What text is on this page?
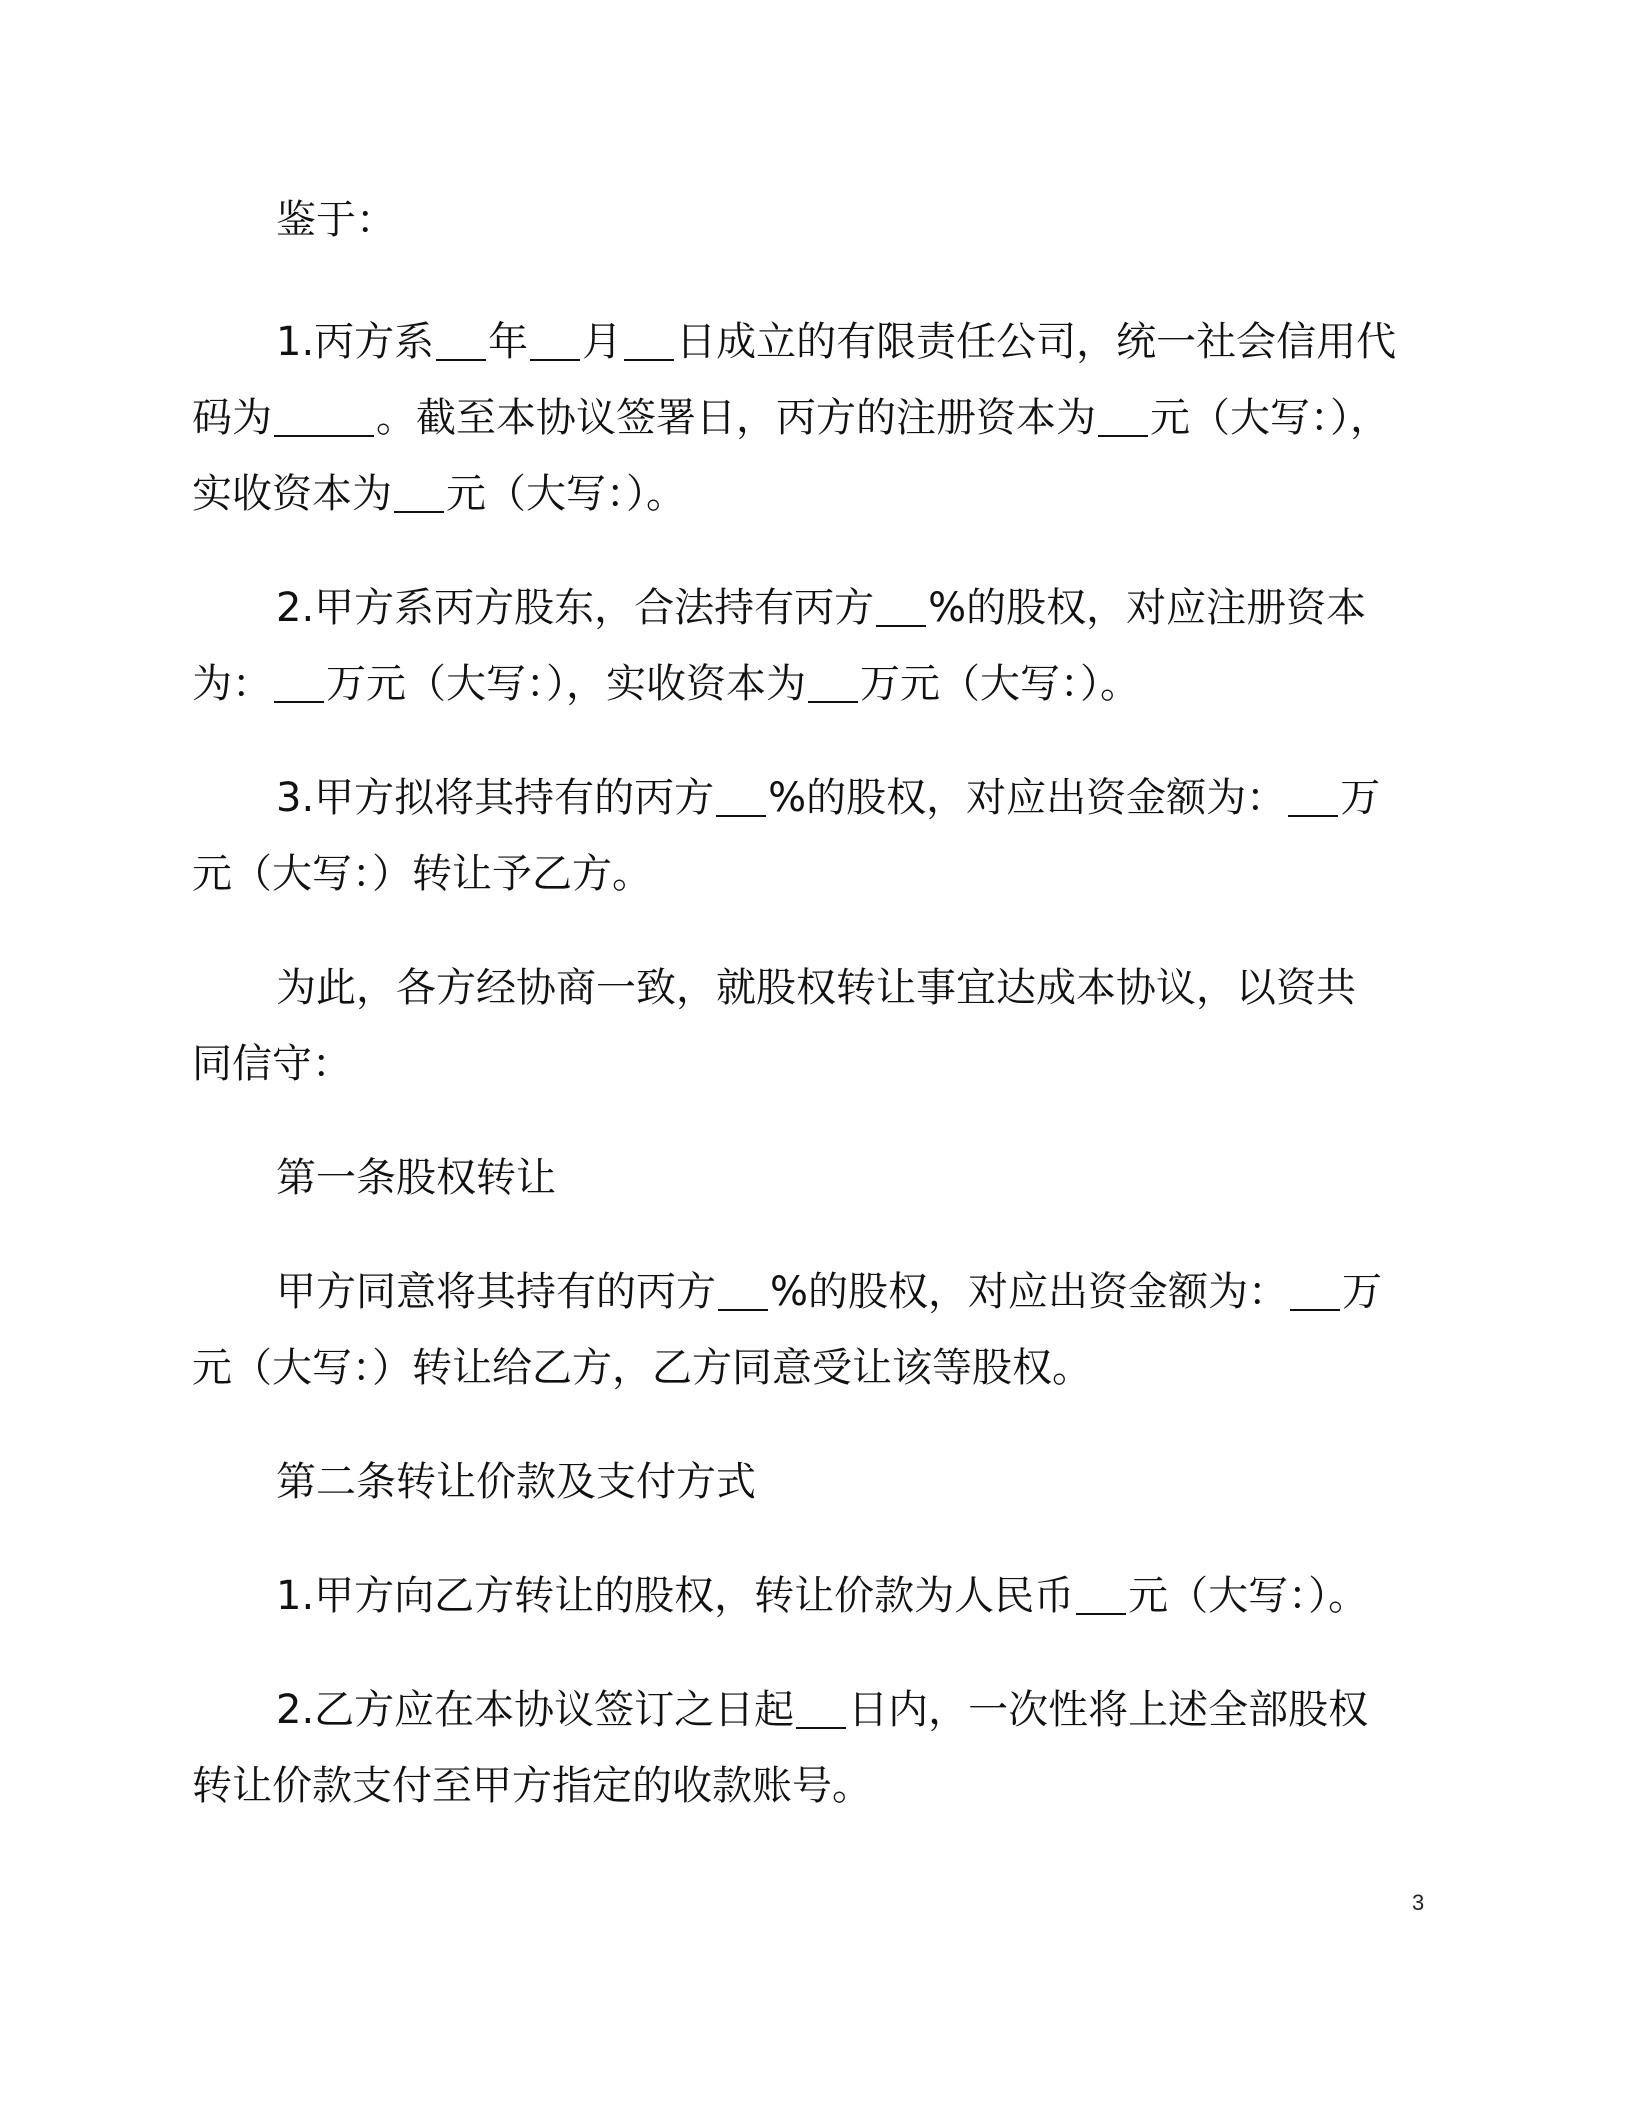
鉴于：

1.丙方系 年 月 日成立的有限责任公司，统一社会信用代

码为	。截至本协议签署日，丙方的注册资本为 元（大写：），

实收资本为 元（大写：）。

2.甲方系丙方股东，合法持有丙方 %的股权，对应注册资本

为： 万元（大写：），实收资本为 万元（大写：）。

3.甲方拟将其持有的丙方 %的股权，对应出资金额为： 万

元（大写：）转让予乙方。

为此，各方经协商一致，就股权转让事宜达成本协议，以资共

同信守：

第一条股权转让

甲方同意将其持有的丙方 %的股权，对应出资金额为： 万

元（大写：）转让给乙方，乙方同意受让该等股权。

第二条转让价款及支付方式

1.甲方向乙方转让的股权，转让价款为人民币 元（大写：）。

2.乙方应在本协议签订之日起 日内，一次性将上述全部股权

转让价款支付至甲方指定的收款账号。

3
